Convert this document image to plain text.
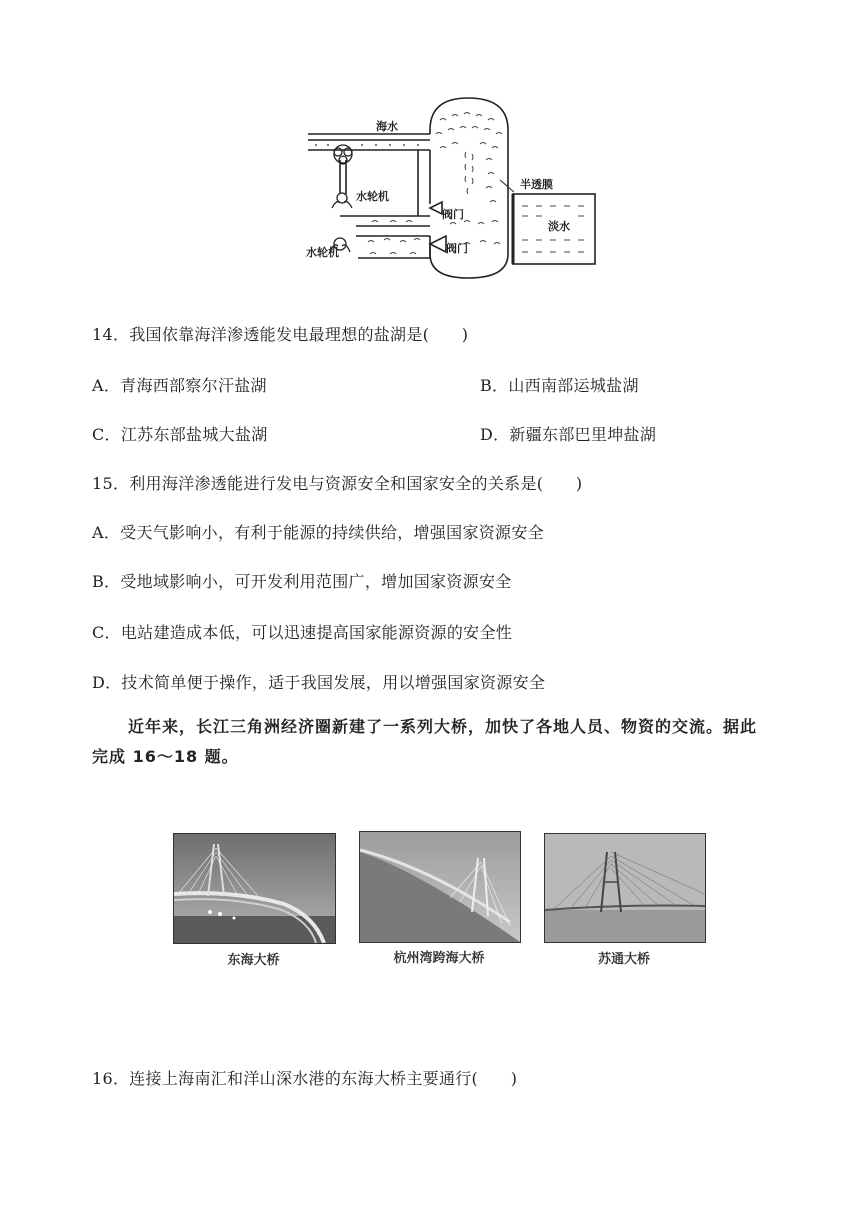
海水
水轮机
水轮机
阀门
阀门
半透膜
淡水
14．我国依靠海洋渗透能发电最理想的盐湖是(　　)
A．青海西部察尔汗盐湖	B．山西南部运城盐湖
C．江苏东部盐城大盐湖	D．新疆东部巴里坤盐湖
15．利用海洋渗透能进行发电与资源安全和国家安全的关系是(　　)
A．受天气影响小，有利于能源的持续供给，增强国家资源安全
B．受地域影响小，可开发利用范围广，增加国家资源安全
C．电站建造成本低，可以迅速提高国家能源资源的安全性
D．技术简单便于操作，适于我国发展，用以增强国家资源安全
近年来，长江三角洲经济圈新建了一系列大桥，加快了各地人员、物资的交流。据此
完成 16～18 题。
东海大桥	杭州湾跨海大桥	苏通大桥
16．连接上海南汇和洋山深水港的东海大桥主要通行(　　)
